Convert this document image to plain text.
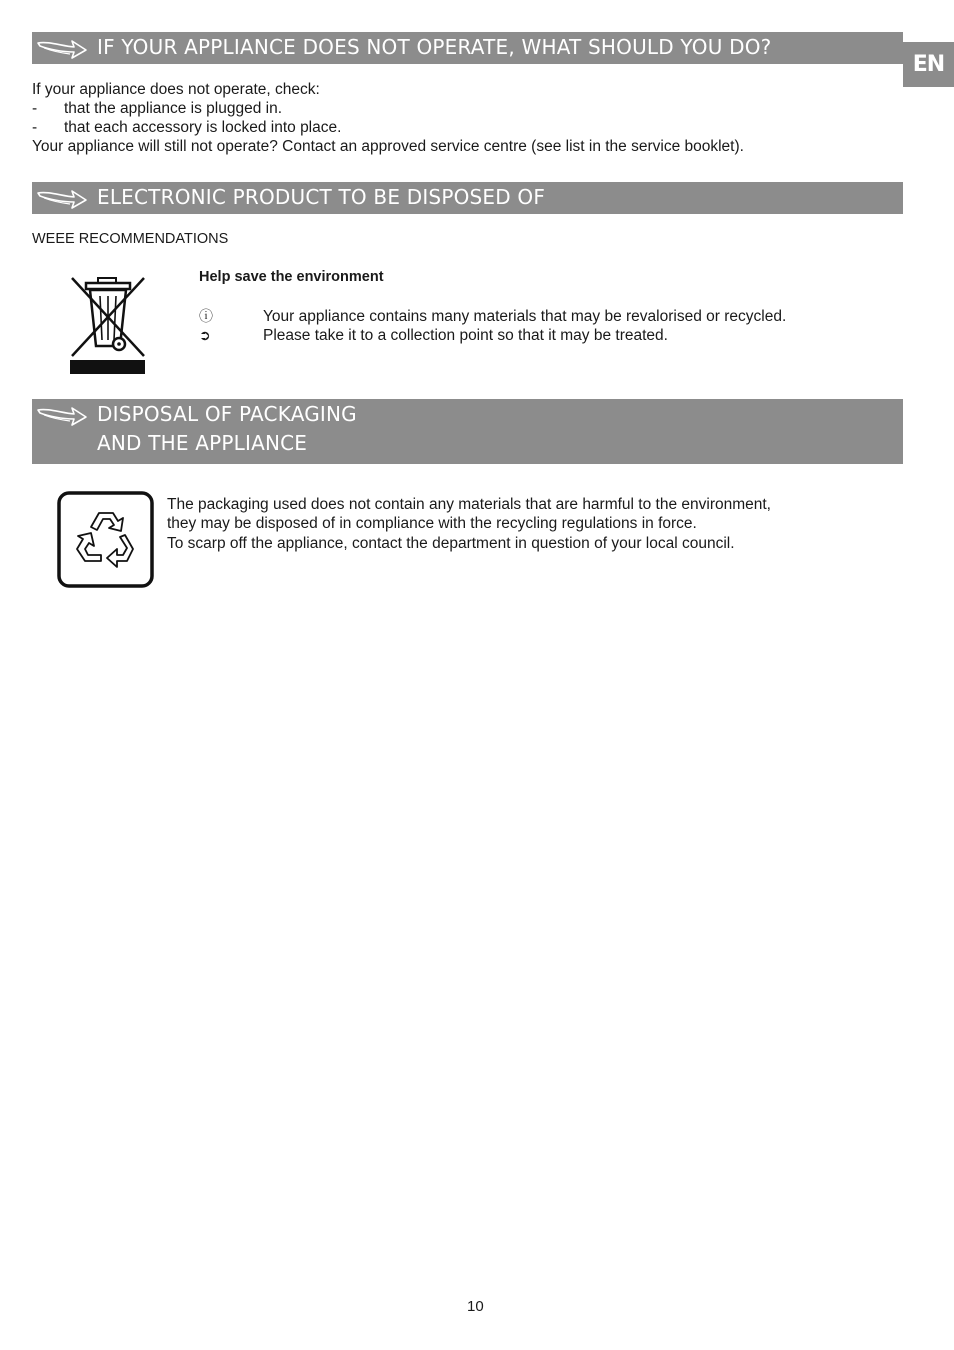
EN
IF YOUR APPLIANCE DOES NOT OPERATE, WHAT SHOULD YOU DO?
If your appliance does not operate, check:
- that the appliance is plugged in.
- that each accessory is locked into place.
Your appliance will still not operate? Contact an approved service centre (see list in the service booklet).
ELECTRONIC PRODUCT TO BE DISPOSED OF
WEEE RECOMMENDATIONS
Help save the environment
ⓘ	Your appliance contains many materials that may be revalorised or recycled.
➲	Please take it to a collection point so that it may be treated.
DISPOSAL OF PACKAGING
AND THE APPLIANCE
The packaging used does not contain any materials that are harmful to the environment,
they may be disposed of in compliance with the recycling regulations in force.
To scarp off the appliance, contact the department in question of your local council.
10
